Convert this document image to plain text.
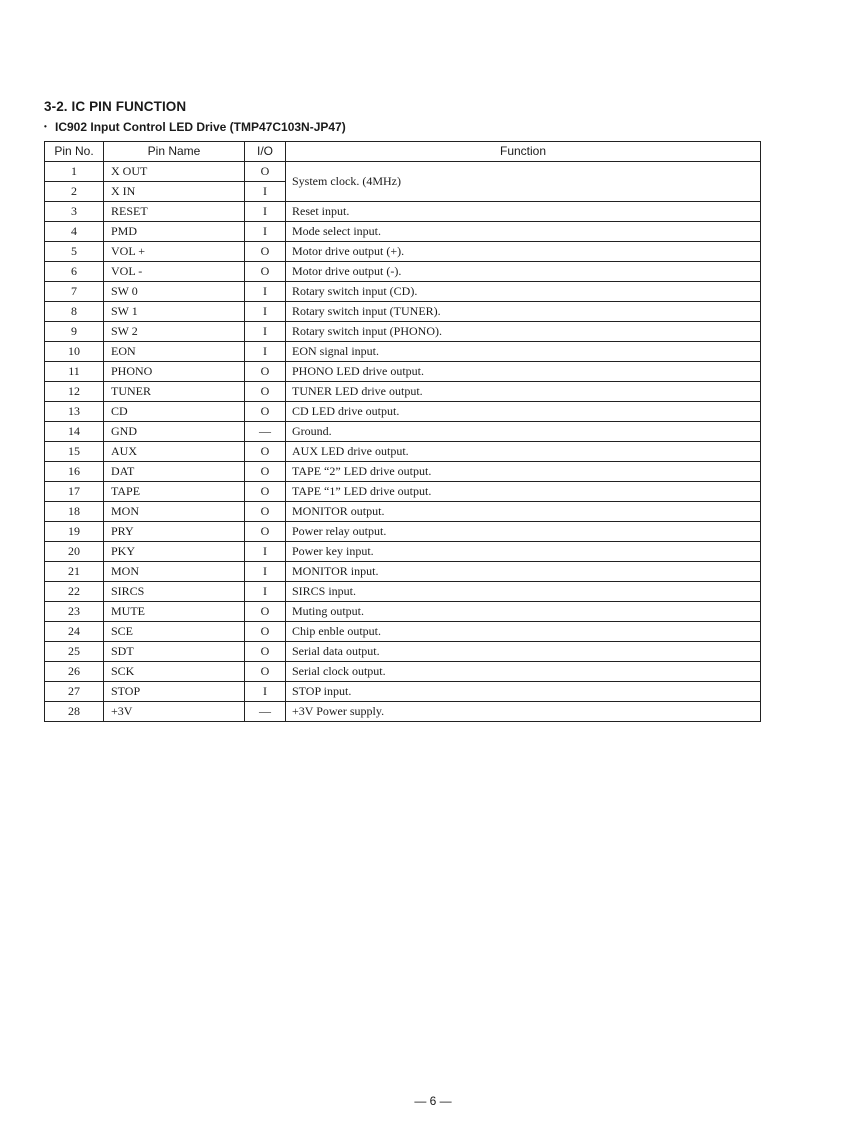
3-2. IC PIN FUNCTION
• IC902 Input Control LED Drive (TMP47C103N-JP47)
Pin No.	Pin Name	I/O	Function
1	X OUT	O	System clock. (4MHz)
2	X IN	I	
3	RESET	I	Reset input.
4	PMD	I	Mode select input.
5	VOL +	O	Motor drive output (+).
6	VOL -	O	Motor drive output (-).
7	SW 0	I	Rotary switch input (CD).
8	SW 1	I	Rotary switch input (TUNER).
9	SW 2	I	Rotary switch input (PHONO).
10	EON	I	EON signal input.
11	PHONO	O	PHONO LED drive output.
12	TUNER	O	TUNER LED drive output.
13	CD	O	CD LED drive output.
14	GND	—	Ground.
15	AUX	O	AUX LED drive output.
16	DAT	O	TAPE “2” LED drive output.
17	TAPE	O	TAPE “1” LED drive output.
18	MON	O	MONITOR output.
19	PRY	O	Power relay output.
20	PKY	I	Power key input.
21	MON	I	MONITOR input.
22	SIRCS	I	SIRCS input.
23	MUTE	O	Muting output.
24	SCE	O	Chip enble output.
25	SDT	O	Serial data output.
26	SCK	O	Serial clock output.
27	STOP	I	STOP input.
28	+3V	—	+3V Power supply.
— 6 —
